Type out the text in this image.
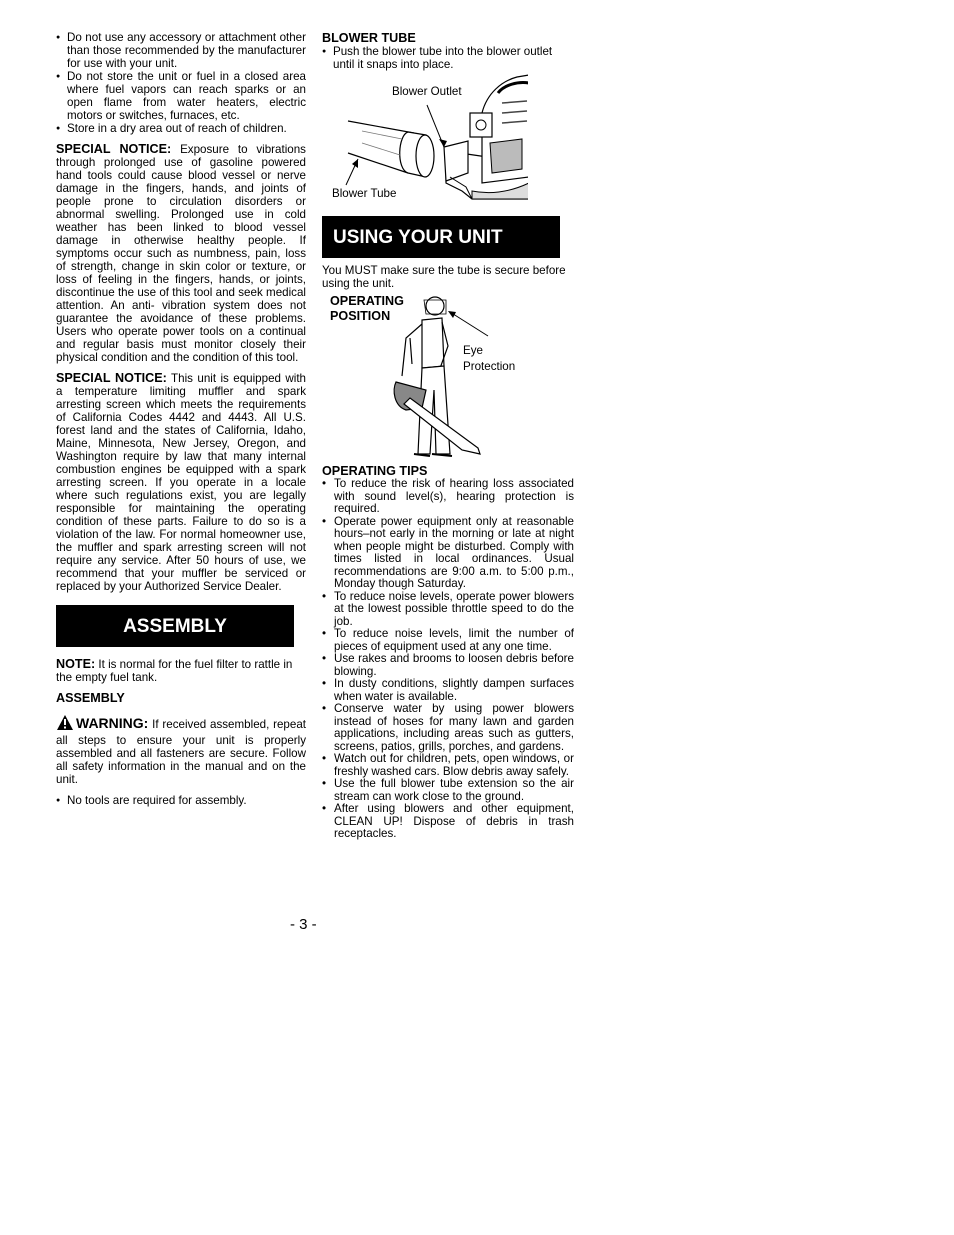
● Do not use any accessory or attachment other than those recommended by the manufacturer for use with your unit.
● Do not store the unit or fuel in a closed area where fuel vapors can reach sparks or an open flame from water heaters, electric motors or switches, furnaces, etc.
● Store in a dry area out of reach of children.

SPECIAL NOTICE: Exposure to vibrations through prolonged use of gasoline powered hand tools could cause blood vessel or nerve damage in the fingers, hands, and joints of people prone to circulation disorders or abnormal swelling. Prolonged use in cold weather has been linked to blood vessel damage in otherwise healthy people. If symptoms occur such as numbness, pain, loss of strength, change in skin color or texture, or loss of feeling in the fingers, hands, or joints, discontinue the use of this tool and seek medical attention. An anti- vibration system does not guarantee the avoidance of these problems. Users who operate power tools on a continual and regular basis must monitor closely their physical condition and the condition of this tool.

SPECIAL NOTICE: This unit is equipped with a temperature limiting muffler and spark arresting screen which meets the requirements of California Codes 4442 and 4443. All U.S. forest land and the states of California, Idaho, Maine, Minnesota, New Jersey, Oregon, and Washington require by law that many internal combustion engines be equipped with a spark arresting screen. If you operate in a locale where such regulations exist, you are legally responsible for maintaining the operating condition of these parts. Failure to do so is a violation of the law. For normal homeowner use, the muffler and spark arresting screen will not require any service. After 50 hours of use, we recommend that your muffler be serviced or replaced by your Authorized Service Dealer.

ASSEMBLY

NOTE: It is normal for the fuel filter to rattle in the empty fuel tank.

ASSEMBLY

WARNING: If received assembled, repeat all steps to ensure your unit is properly assembled and all fasteners are secure. Follow all safety information in the manual and on the unit.

● No tools are required for assembly.

BLOWER TUBE

● Push the blower tube into the blower outlet until it snaps into place.
Blower Outlet
Blower Tube
USING YOUR UNIT

You MUST make sure the tube is secure before using the unit.

OPERATING
POSITION

Eye
Protection

OPERATING TIPS

• To reduce the risk of hearing loss associated with sound level(s), hearing protection is required.
• Operate power equipment only at reasonable hours–not early in the morning or late at night when people might be disturbed. Comply with times listed in local ordinances. Usual recommendations are 9:00 a.m. to 5:00 p.m., Monday though Saturday.
• To reduce noise levels, operate power blowers at the lowest possible throttle speed to do the job.
• To reduce noise levels, limit the number of pieces of equipment used at any one time.
• Use rakes and brooms to loosen debris before blowing.
• In dusty conditions, slightly dampen surfaces when water is available.
• Conserve water by using power blowers instead of hoses for many lawn and garden applications, including areas such as gutters, screens, patios, grills, porches, and gardens.
• Watch out for children, pets, open windows, or freshly washed cars. Blow debris away safely.
• Use the full blower tube extension so the air stream can work close to the ground.
• After using blowers and other equipment, CLEAN UP! Dispose of debris in trash receptacles.
- 3 -
